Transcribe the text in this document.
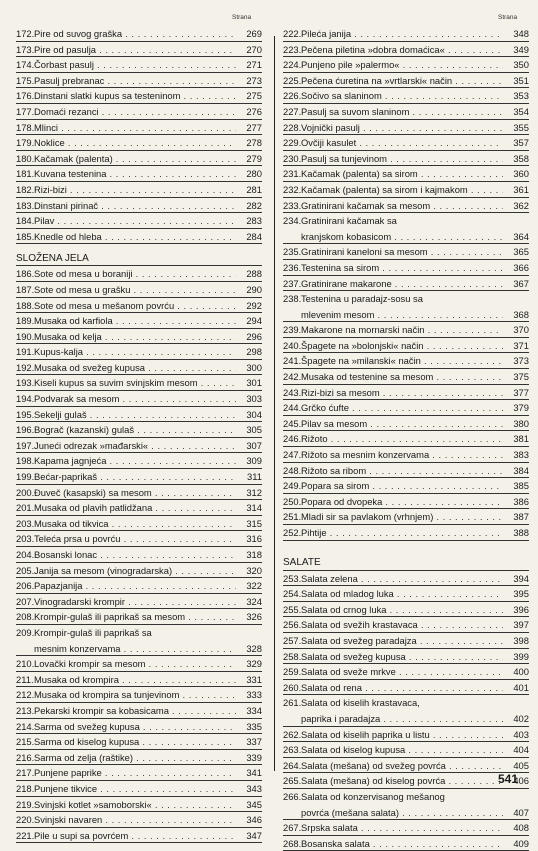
Strana	Strana
172.Pire od suvog graška . . .	269
173.Pire od pasulja . . .	270
174.Čorbast pasulj . . .	271
175.Pasulj prebranac . . .	273
176.Dinstani slatki kupus sa testeninom . . .	275
177.Domaći rezanci . . .	276
178.Mlinci . . .	277
179.Noklice . . .	278
180.Kačamak (palenta) . . .	279
181.Kuvana testenina . . .	280
182.Rizi-bizi . . .	281
183.Dinstani pirinač . . .	282
184.Pilav . . .	283
185.Knedle od hleba . . .	284
SLOŽENA JELA
186.Sote od mesa u boraniji . . .	288
187.Sote od mesa u grašku . . .	290
188.Sote od mesa u mešanom povrću . . .	292
189.Musaka od karfiola . . .	294
190.Musaka od kelja . . .	296
191.Kupus-kalja . . .	298
192.Musaka od svežeg kupusa . . .	300
193.Kiseli kupus sa suvim svinjskim mesom . . .	301
194.Podvarak sa mesom . . .	303
195.Sekelji gulaš . . .	304
196.Bograč (kazanski) gulaš . . .	305
197.Juneći odrezak »mađarski« . . .	307
198.Kapama jagnjeća . . .	309
199.Bećar-paprikaš . . .	311
200.Đuveč (kasapski) sa mesom . . .	312
201.Musaka od plavih patlidžana . . .	314
203.Musaka od tikvica . . .	315
203.Teleća prsa u povrću . . .	316
204.Bosanski lonac . . .	318
205.Janija sa mesom (vinogradarska) . . .	320
206.Papazjanija . . .	322
207.Vinogradarski krompir . . .	324
208.Krompir-gulaš ili paprikaš sa mesom . . .	326
209.Krompir-gulaš ili paprikaš sa
mesnim konzervama . . .	328
210.Lovački krompir sa mesom . . .	329
211.Musaka od krompira . . .	331
212.Musaka od krompira sa tunjevinom . . .	333
213.Pekarski krompir sa kobasicama . . .	334
214.Sarma od svežeg kupusa . . .	335
215.Sarma od kiselog kupusa . . .	337
216.Sarma od zelja (raštike) . . .	339
217.Punjene paprike . . .	341
218.Punjene tikvice . . .	343
219.Svinjski kotlet »samoborski« . . .	345
220.Svinjski navaren . . .	346
221.Pile u supi sa povrćem . . .	347
222.Pileća janija . . .	348
223.Pečena piletina »dobra domaćica« . . .	349
224.Punjeno pile »palermo« . . .	350
225.Pečena ćuretina na »vrtlarski« način . . .	351
226.Sočivo sa slaninom . . .	353
227.Pasulj sa suvom slaninom . . .	354
228.Vojnički pasulj . . .	355
229.Ovčiji kasulet . . .	357
230.Pasulj sa tunjevinom . . .	358
231.Kačamak (palenta) sa sirom . . .	360
232.Kačamak (palenta) sa sirom i kajmakom . . .	361
233.Gratinirani kačamak sa mesom . . .	362
234.Gratinirani kačamak sa
kranjskom kobasicom . . .	364
235.Gratinirani kaneloni sa mesom . . .	365
236.Testenina sa sirom . . .	366
237.Gratinirane makarone . . .	367
238.Testenina u paradajz-sosu sa
mlevenim mesom . . .	368
239.Makarone na mornarski način . . .	370
240.Špagete na »bolonjski« način . . .	371
241.Špagete na »milanski« način . . .	373
242.Musaka od testenine sa mesom . . .	375
243.Rizi-bizi sa mesom . . .	377
244.Grčko ćufte . . .	379
245.Pilav sa mesom . . .	380
246.Rižoto . . .	381
247.Rižoto sa mesnim konzervama . . .	383
248.Rižoto sa ribom . . .	384
249.Popara sa sirom . . .	385
250.Popara od dvopeka . . .	386
251.Mladi sir sa pavlakom (vrhnjem) . . .	387
252.Pihtije . . .	388
SALATE
253.Salata zelena . . .	394
254.Salata od mladog luka . . .	395
255.Salata od crnog luka . . .	396
256.Salata od svežih krastavaca . . .	397
257.Salata od svežeg paradajza . . .	398
258.Salata od svežeg kupusa . . .	399
259.Salata od sveže mrkve . . .	400
260.Salata od rena . . .	401
261.Salata od kiselih krastavaca,
paprika i paradajza . . .	402
262.Salata od kiselih paprika u listu . . .	403
263.Salata od kiselog kupusa . . .	404
264.Salata (mešana) od svežeg povrća . . .	405
265.Salata (mešana) od kiselog povrća . . .	406
266.Salata od konzervisanog mešanog
povrća (mešana salata) . . .	407
267.Srpska salata . . .	408
268.Bosanska salata . . .	409
541
